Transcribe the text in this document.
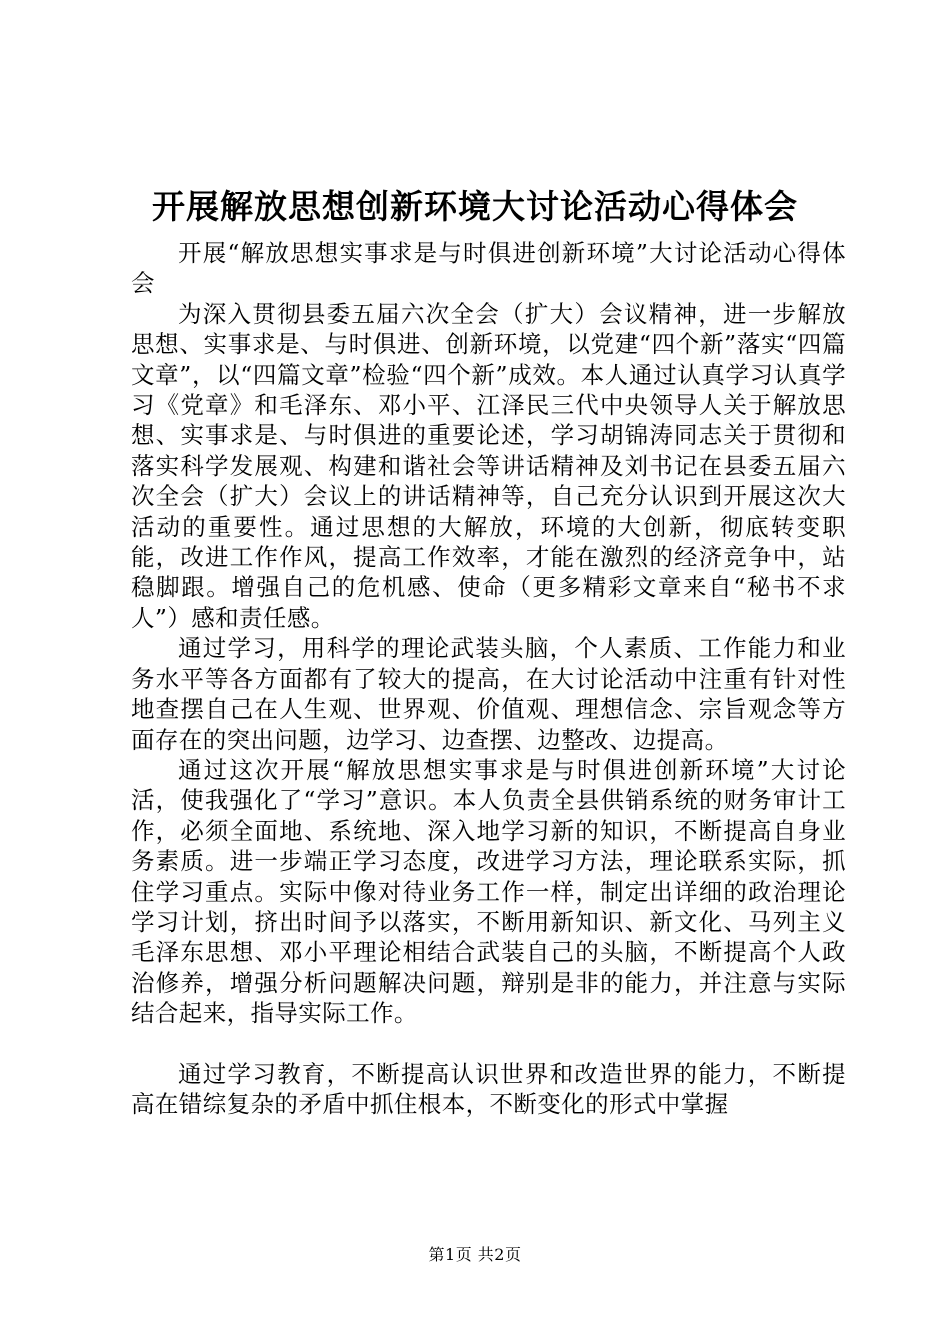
开展解放思想创新环境大讨论活动心得体会

开展“解放思想实事求是与时俱进创新环境”大讨论活动心得体会

为深入贯彻县委五届六次全会（扩大）会议精神，进一步解放思想、实事求是、与时俱进、创新环境，以党建“四个新”落实“四篇文章”，以“四篇文章”检验“四个新”成效。本人通过认真学习认真学习《党章》和毛泽东、邓小平、江泽民三代中央领导人关于解放思想、实事求是、与时俱进的重要论述，学习胡锦涛同志关于贯彻和落实科学发展观、构建和谐社会等讲话精神及刘书记在县委五届六次全会（扩大）会议上的讲话精神等，自己充分认识到开展这次大活动的重要性。通过思想的大解放，环境的大创新，彻底转变职能，改进工作作风，提高工作效率，才能在激烈的经济竞争中，站稳脚跟。增强自己的危机感、使命（更多精彩文章来自“秘书不求人”）感和责任感。

通过学习，用科学的理论武装头脑，个人素质、工作能力和业务水平等各方面都有了较大的提高，在大讨论活动中注重有针对性地查摆自己在人生观、世界观、价值观、理想信念、宗旨观念等方面存在的突出问题，边学习、边查摆、边整改、边提高。

通过这次开展“解放思想实事求是与时俱进创新环境”大讨论活，使我强化了“学习”意识。本人负责全县供销系统的财务审计工作，必须全面地、系统地、深入地学习新的知识，不断提高自身业务素质。进一步端正学习态度，改进学习方法，理论联系实际，抓住学习重点。实际中像对待业务工作一样，制定出详细的政治理论学习计划，挤出时间予以落实，不断用新知识、新文化、马列主义毛泽东思想、邓小平理论相结合武装自己的头脑，不断提高个人政治修养，增强分析问题解决问题，辩别是非的能力，并注意与实际结合起来，指导实际工作。

通过学习教育，不断提高认识世界和改造世界的能力，不断提高在错综复杂的矛盾中抓住根本，不断变化的形式中掌握

第1页 共2页
